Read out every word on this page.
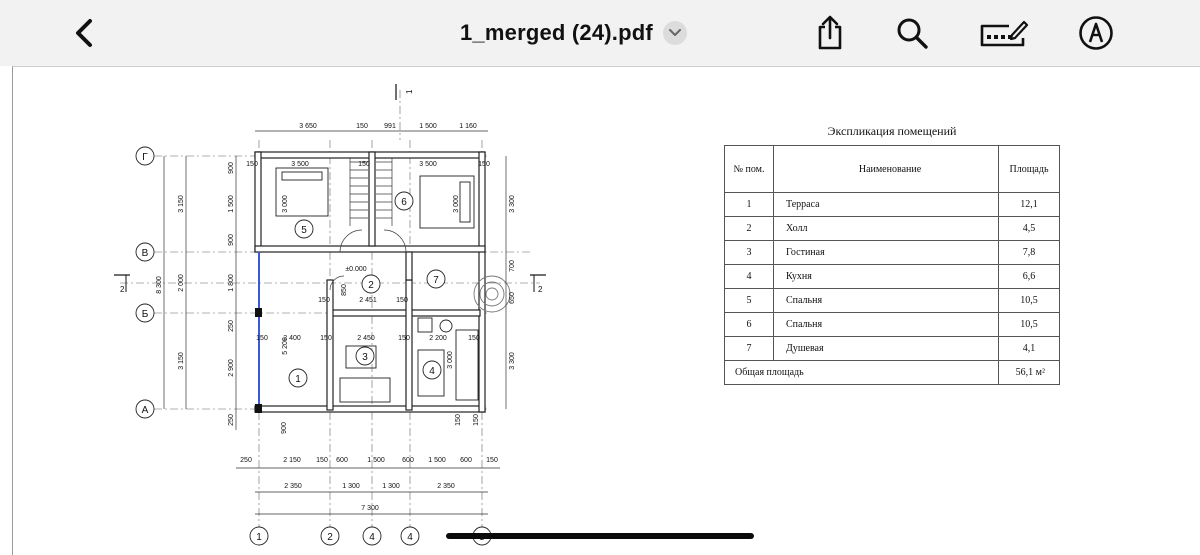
1_merged (24).pdf
1
2
3
4
5
6
7
Г
В
Б
А
1	2	4	4
3 650	150 991	1 500	1 160
150	3 500	150	3 500	150
150	2 451	150
150 2 400	150	2 450	150	2 200	150
250	2 150 150 600	1 500 600 1 500 600 150
2 350	1 300	1 300	2 350
7 300
±0.000
8 300
3 150
2 000
3 150
900
1 500
900
1 800
250
2 900
250
3 300
700
650
3 300
3 000	3 000
5 200
3 000
850
150 150
900
2	2
1
Экспликация помещений
№ пом.	Наименование	Площадь
1	Терраса	12,1
2	Холл	4,5
3	Гостиная	7,8
4	Кухня	6,6
5	Спальня	10,5
6	Спальня	10,5
7	Душевая	4,1
Общая площадь		56,1 м²
